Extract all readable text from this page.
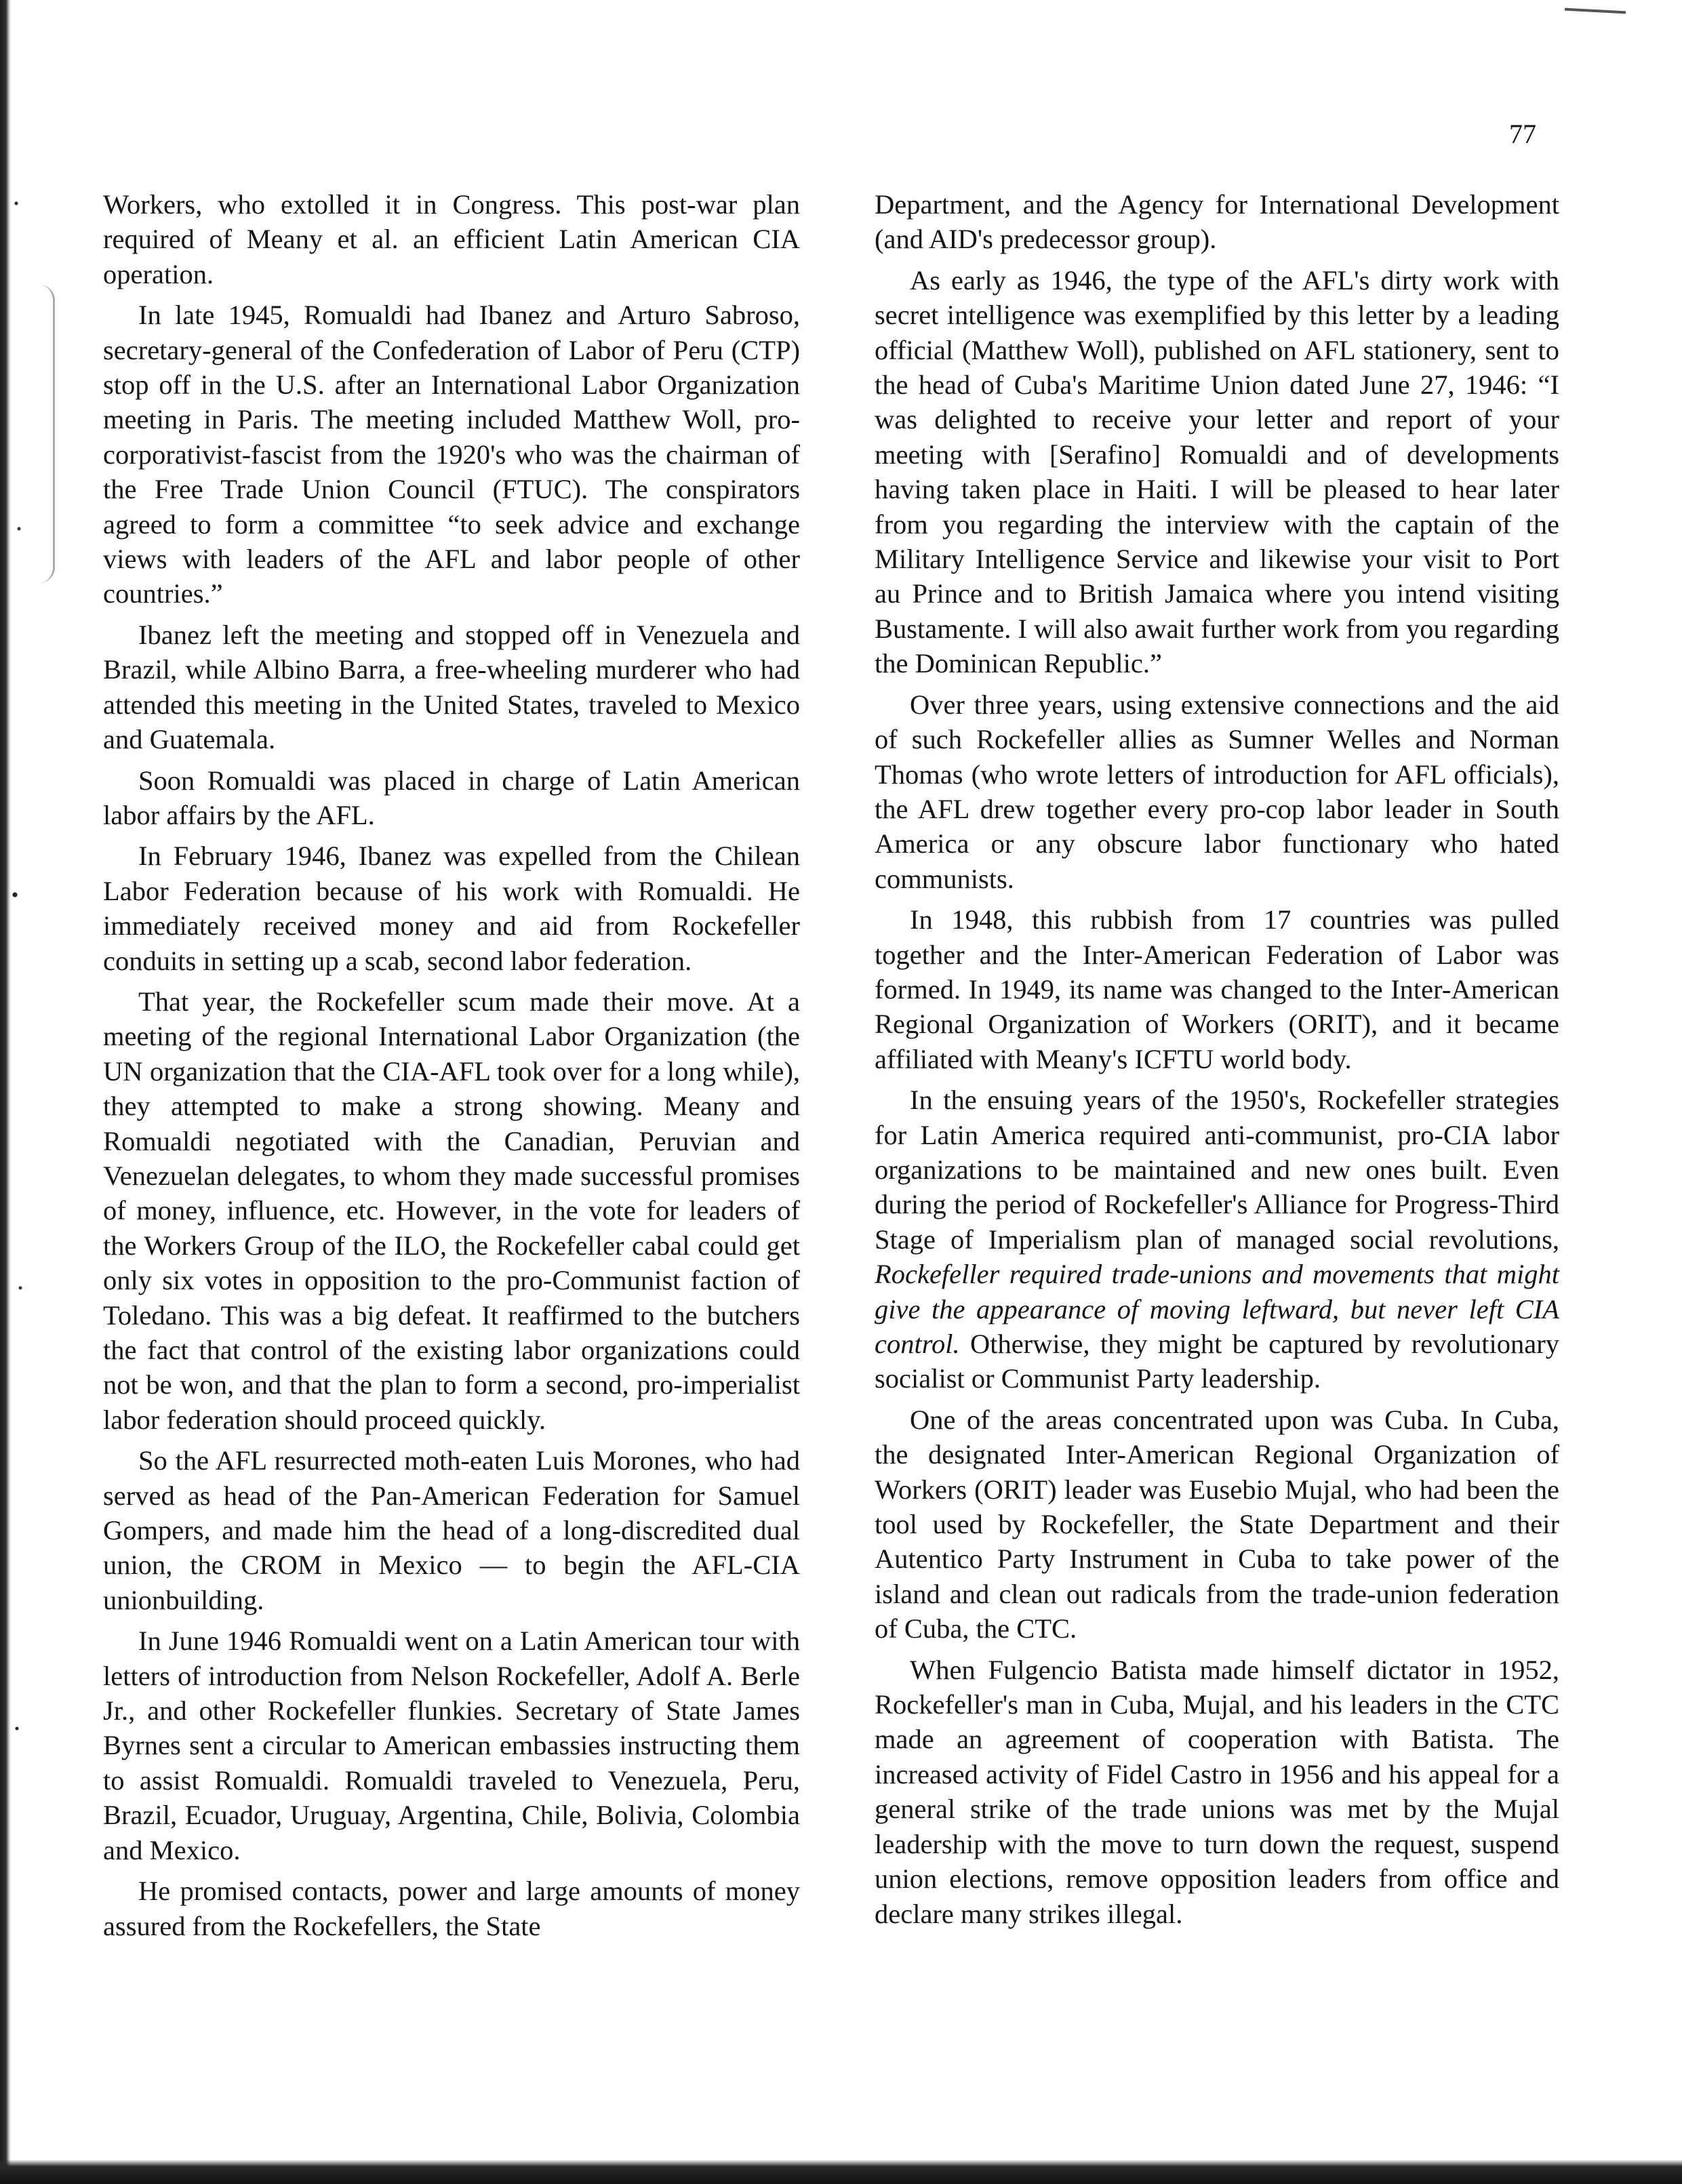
77

Workers, who extolled it in Congress. This post-war plan required of Meany et al. an efficient Latin American CIA operation.

In late 1945, Romualdi had Ibanez and Arturo Sabroso, secretary-general of the Confederation of Labor of Peru (CTP) stop off in the U.S. after an International Labor Organization meeting in Paris. The meeting included Matthew Woll, pro-corporativist-fascist from the 1920's who was the chairman of the Free Trade Union Council (FTUC). The conspirators agreed to form a committee “to seek advice and exchange views with leaders of the AFL and labor people of other countries.”

Ibanez left the meeting and stopped off in Venezuela and Brazil, while Albino Barra, a free-wheeling murderer who had attended this meeting in the United States, traveled to Mexico and Guatemala.

Soon Romualdi was placed in charge of Latin American labor affairs by the AFL.

In February 1946, Ibanez was expelled from the Chilean Labor Federation because of his work with Romualdi. He immediately received money and aid from Rockefeller conduits in setting up a scab, second labor federation.

That year, the Rockefeller scum made their move. At a meeting of the regional International Labor Organization (the UN organization that the CIA-AFL took over for a long while), they attempted to make a strong showing. Meany and Romualdi negotiated with the Canadian, Peruvian and Venezuelan delegates, to whom they made successful promises of money, influence, etc. However, in the vote for leaders of the Workers Group of the ILO, the Rockefeller cabal could get only six votes in opposition to the pro-Communist faction of Toledano. This was a big defeat. It reaffirmed to the butchers the fact that control of the existing labor organizations could not be won, and that the plan to form a second, pro-imperialist labor federation should proceed quickly.

So the AFL resurrected moth-eaten Luis Morones, who had served as head of the Pan-American Federation for Samuel Gompers, and made him the head of a long-discredited dual union, the CROM in Mexico — to begin the AFL-CIA unionbuilding.

In June 1946 Romualdi went on a Latin American tour with letters of introduction from Nelson Rockefeller, Adolf A. Berle Jr., and other Rockefeller flunkies. Secretary of State James Byrnes sent a circular to American embassies instructing them to assist Romualdi. Romualdi traveled to Venezuela, Peru, Brazil, Ecuador, Uruguay, Argentina, Chile, Bolivia, Colombia and Mexico.

He promised contacts, power and large amounts of money assured from the Rockefellers, the State

Department, and the Agency for International Development (and AID's predecessor group).

As early as 1946, the type of the AFL's dirty work with secret intelligence was exemplified by this letter by a leading official (Matthew Woll), published on AFL stationery, sent to the head of Cuba's Maritime Union dated June 27, 1946: “I was delighted to receive your letter and report of your meeting with [Serafino] Romualdi and of developments having taken place in Haiti. I will be pleased to hear later from you regarding the interview with the captain of the Military Intelligence Service and likewise your visit to Port au Prince and to British Jamaica where you intend visiting Bustamente. I will also await further work from you regarding the Dominican Republic.”

Over three years, using extensive connections and the aid of such Rockefeller allies as Sumner Welles and Norman Thomas (who wrote letters of introduction for AFL officials), the AFL drew together every pro-cop labor leader in South America or any obscure labor functionary who hated communists.

In 1948, this rubbish from 17 countries was pulled together and the Inter-American Federation of Labor was formed. In 1949, its name was changed to the Inter-American Regional Organization of Workers (ORIT), and it became affiliated with Meany's ICFTU world body.

In the ensuing years of the 1950's, Rockefeller strategies for Latin America required anti-communist, pro-CIA labor organizations to be maintained and new ones built. Even during the period of Rockefeller's Alliance for Progress-Third Stage of Imperialism plan of managed social revolutions, Rockefeller required trade-unions and movements that might give the appearance of moving leftward, but never left CIA control. Otherwise, they might be captured by revolutionary socialist or Communist Party leadership.

One of the areas concentrated upon was Cuba. In Cuba, the designated Inter-American Regional Organization of Workers (ORIT) leader was Eusebio Mujal, who had been the tool used by Rockefeller, the State Department and their Autentico Party Instrument in Cuba to take power of the island and clean out radicals from the trade-union federation of Cuba, the CTC.

When Fulgencio Batista made himself dictator in 1952, Rockefeller's man in Cuba, Mujal, and his leaders in the CTC made an agreement of cooperation with Batista. The increased activity of Fidel Castro in 1956 and his appeal for a general strike of the trade unions was met by the Mujal leadership with the move to turn down the request, suspend union elections, remove opposition leaders from office and declare many strikes illegal.
